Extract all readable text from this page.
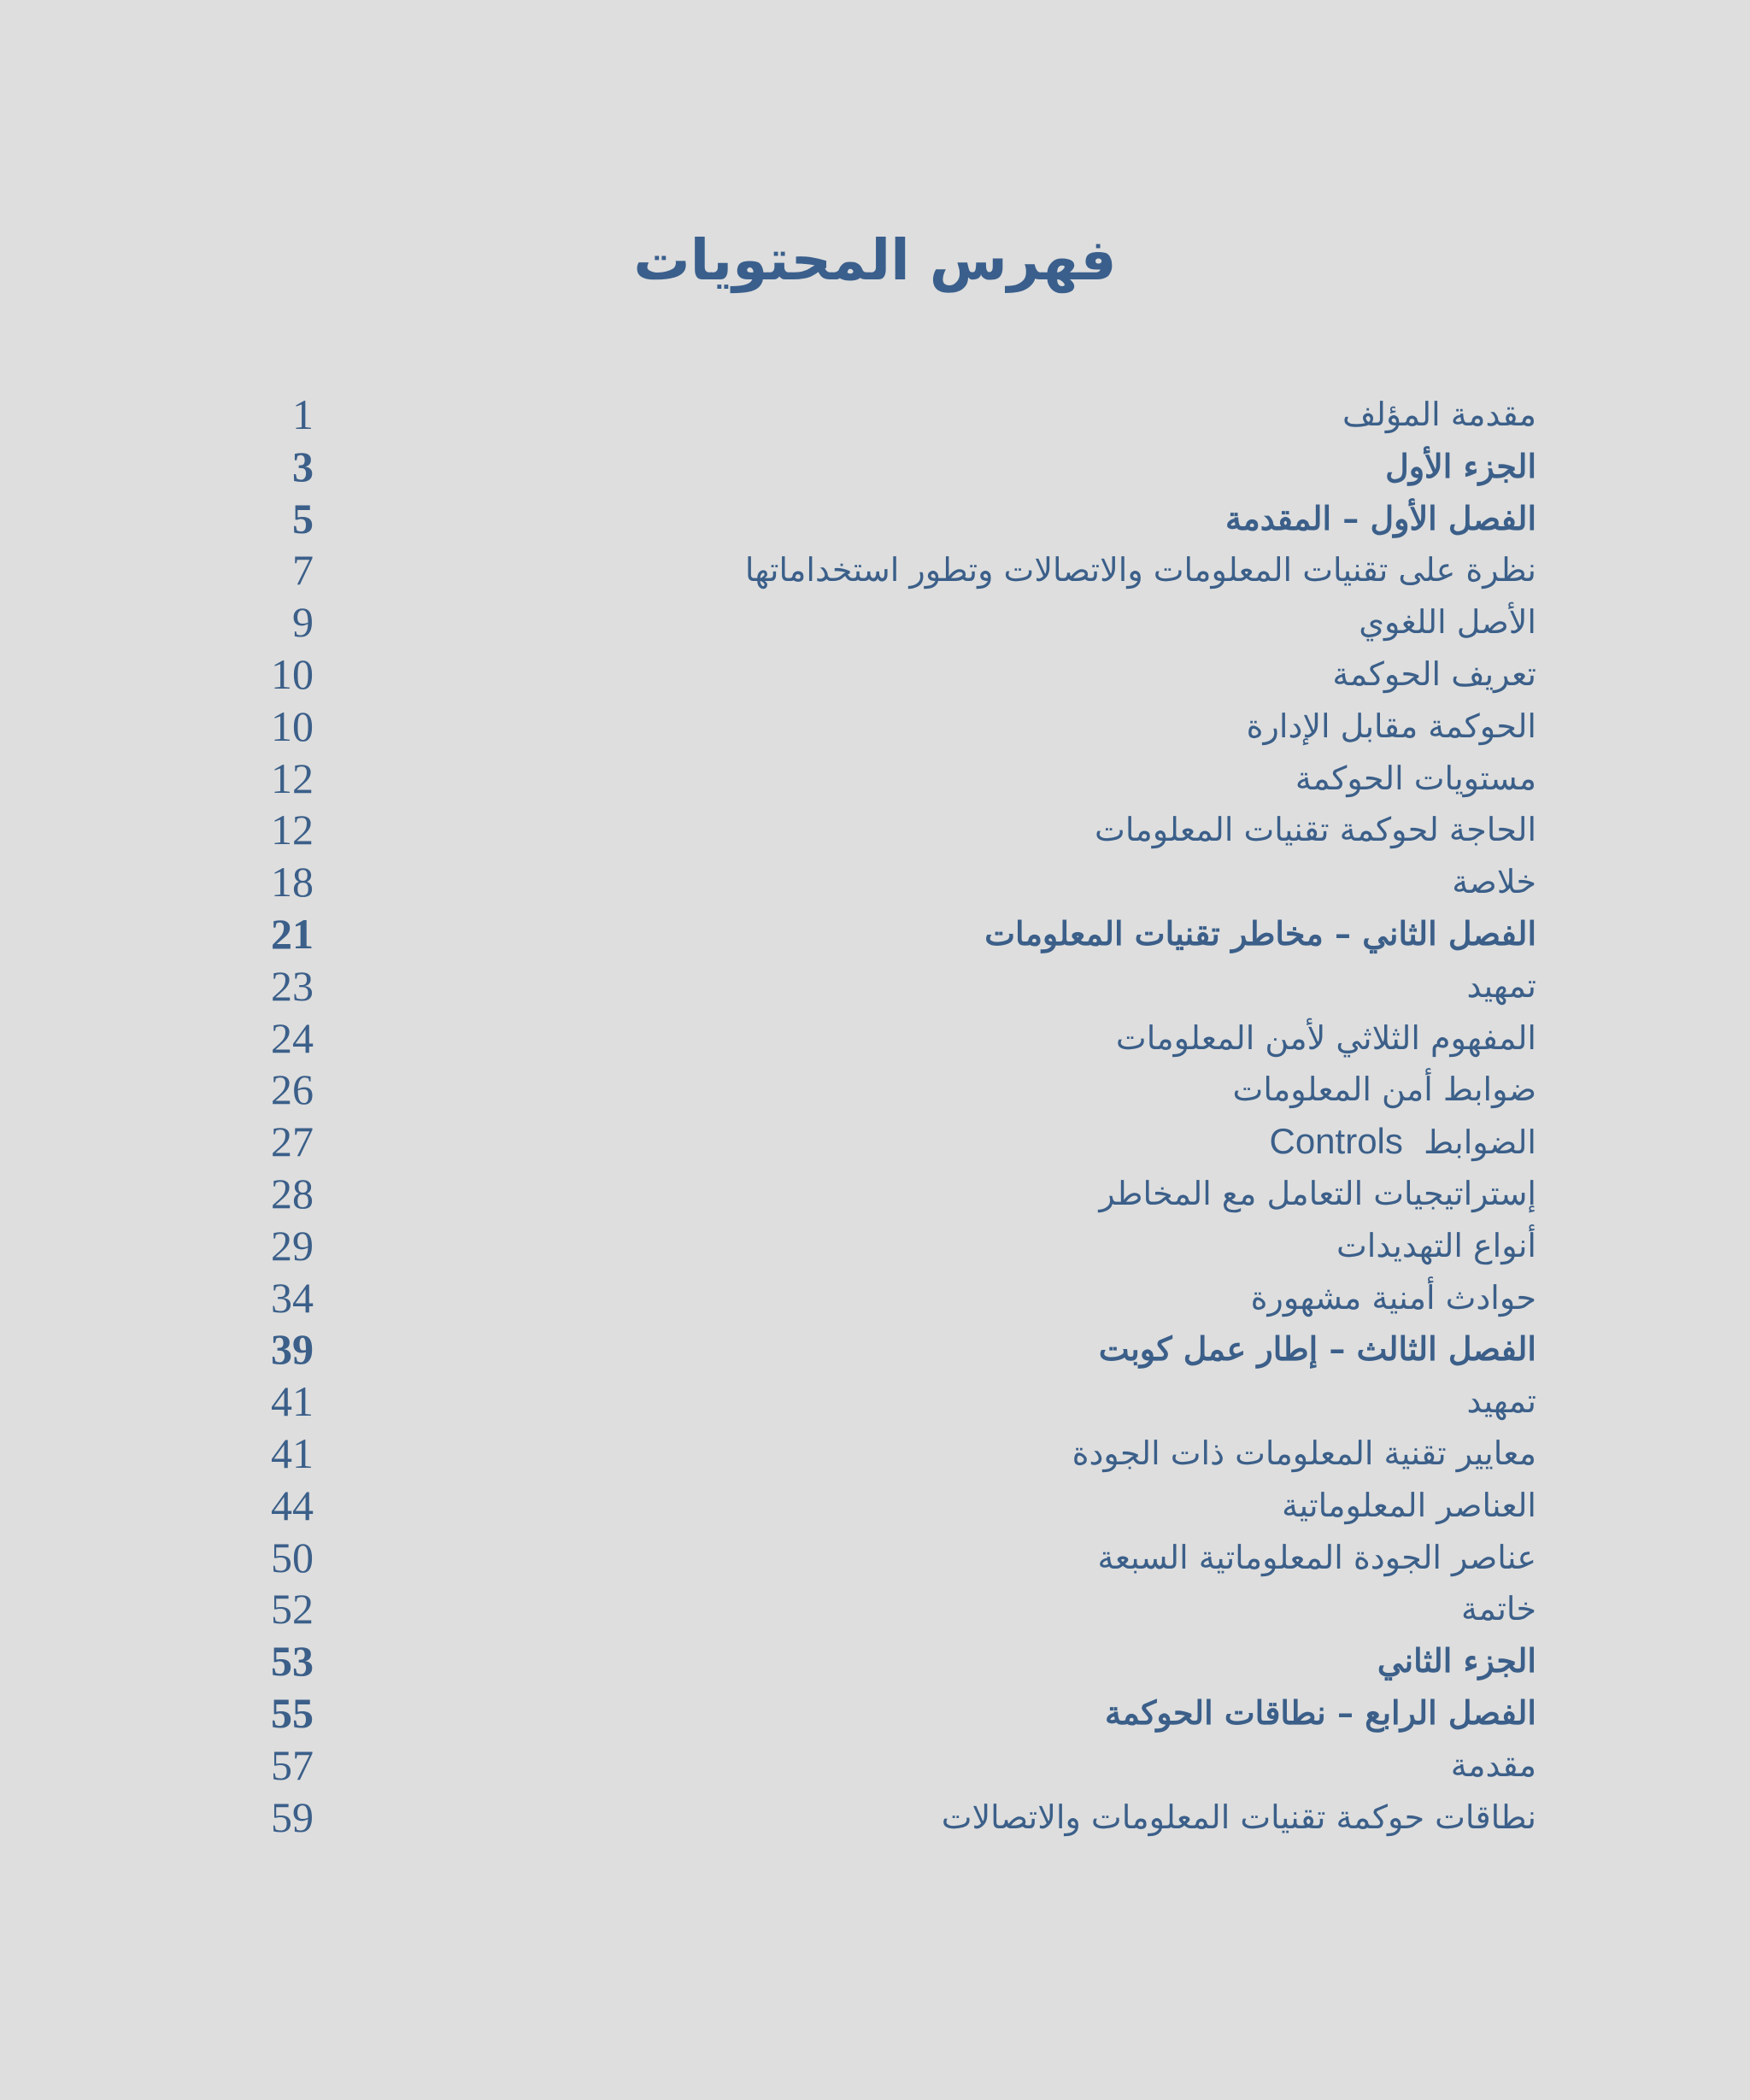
فهرس المحتويات
مقدمة المؤلف
1
الجزء الأول
3
الفصل الأول – المقدمة
5
نظرة على تقنيات المعلومات والاتصالات وتطور استخداماتها
7
الأصل اللغوي
9
تعريف الحوكمة
10
الحوكمة مقابل الإدارة
10
مستويات الحوكمة
12
الحاجة لحوكمة تقنيات المعلومات
12
خلاصة
18
الفصل الثاني – مخاطر تقنيات المعلومات
21
تمهيد
23
المفهوم الثلاثي لأمن المعلومات
24
ضوابط أمن المعلومات
26
الضوابط  Controls
27
إستراتيجيات التعامل مع المخاطر
28
أنواع التهديدات
29
حوادث أمنية مشهورة
34
الفصل الثالث – إطار عمل كوبت
39
تمهيد
41
معايير تقنية المعلومات ذات الجودة
41
العناصر المعلوماتية
44
عناصر الجودة المعلوماتية السبعة
50
خاتمة
52
الجزء الثاني
53
الفصل الرابع – نطاقات الحوكمة
55
مقدمة
57
نطاقات حوكمة تقنيات المعلومات والاتصالات
59
